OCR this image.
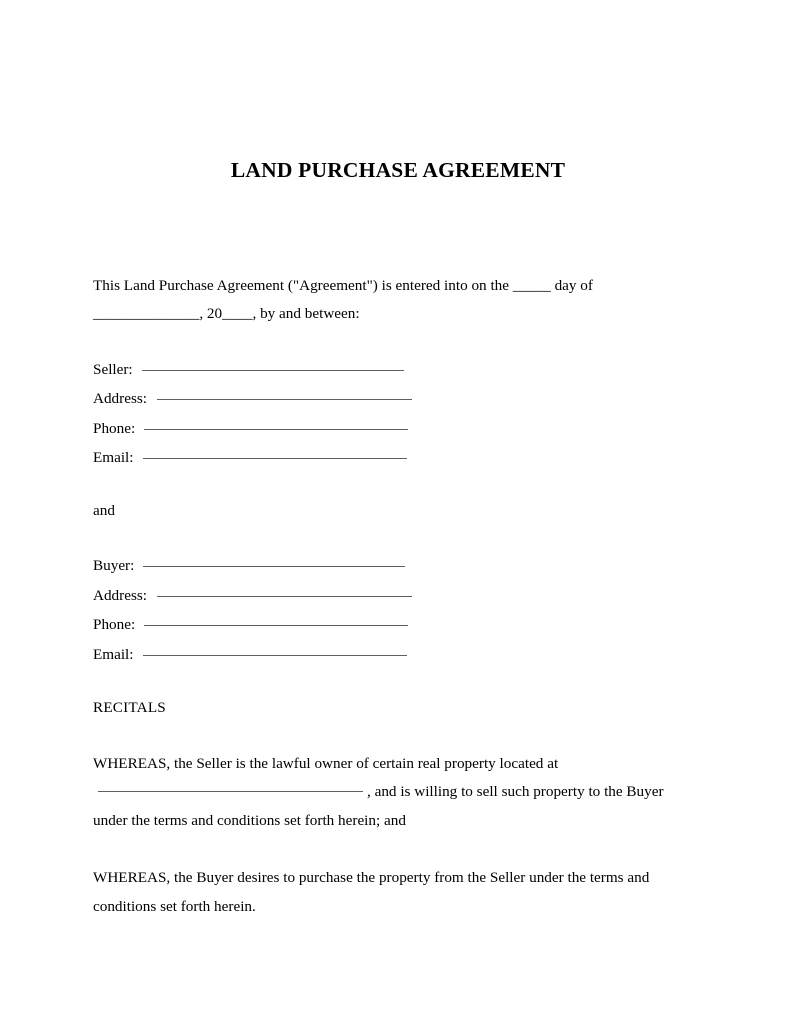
LAND PURCHASE AGREEMENT

This Land Purchase Agreement ("Agreement") is entered into on the _____ day of ______________, 20____, by and between:

Seller:
Address:
Phone:
Email:

and

Buyer:
Address:
Phone:
Email:
RECITALS

WHEREAS, the Seller is the lawful owner of certain real property located at
, and is willing to sell such property to the Buyer
under the terms and conditions set forth herein; and

WHEREAS, the Buyer desires to purchase the property from the Seller under the terms and
conditions set forth herein.
